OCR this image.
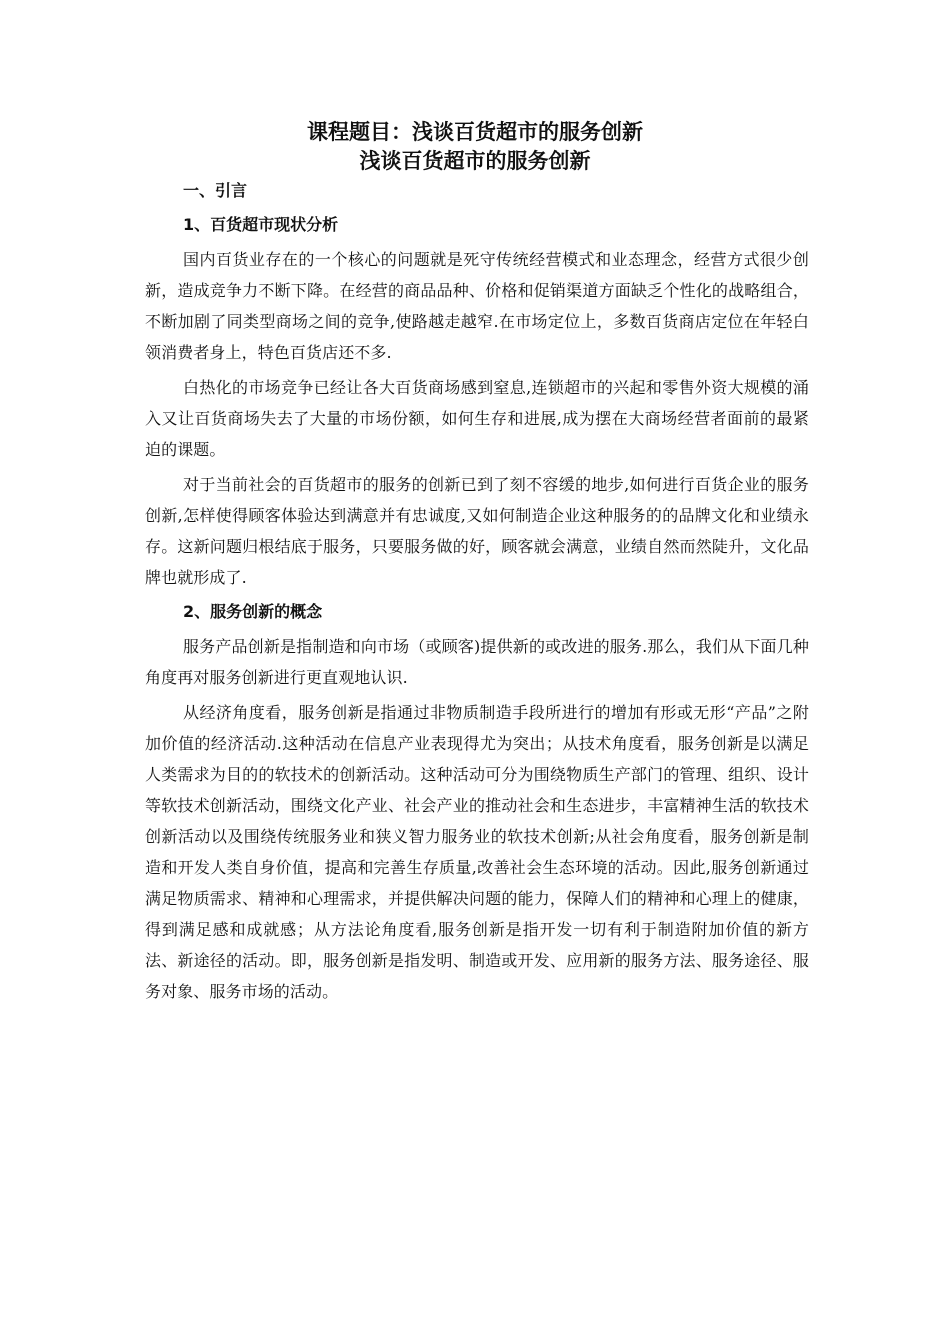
课程题目：浅谈百货超市的服务创新
浅谈百货超市的服务创新
一、引言
1、百货超市现状分析

国内百货业存在的一个核心的问题就是死守传统经营模式和业态理念，经营方式很少创新，造成竞争力不断下降。在经营的商品品种、价格和促销渠道方面缺乏个性化的战略组合，不断加剧了同类型商场之间的竞争,使路越走越窄.在市场定位上，多数百货商店定位在年轻白领消费者身上，特色百货店还不多.

白热化的市场竞争已经让各大百货商场感到窒息,连锁超市的兴起和零售外资大规模的涌入又让百货商场失去了大量的市场份额，如何生存和进展,成为摆在大商场经营者面前的最紧迫的课题。

对于当前社会的百货超市的服务的创新已到了刻不容缓的地步,如何进行百货企业的服务创新,怎样使得顾客体验达到满意并有忠诚度,又如何制造企业这种服务的的品牌文化和业绩永存。这新问题归根结底于服务，只要服务做的好，顾客就会满意，业绩自然而然陡升，文化品牌也就形成了.

2、服务创新的概念

服务产品创新是指制造和向市场（或顾客)提供新的或改进的服务.那么，我们从下面几种角度再对服务创新进行更直观地认识.

从经济角度看，服务创新是指通过非物质制造手段所进行的增加有形或无形“产品”之附加价值的经济活动.这种活动在信息产业表现得尤为突出；从技术角度看，服务创新是以满足人类需求为目的的软技术的创新活动。这种活动可分为围绕物质生产部门的管理、组织、设计等软技术创新活动，围绕文化产业、社会产业的推动社会和生态进步，丰富精神生活的软技术创新活动以及围绕传统服务业和狭义智力服务业的软技术创新;从社会角度看，服务创新是制造和开发人类自身价值，提高和完善生存质量,改善社会生态环境的活动。因此,服务创新通过满足物质需求、精神和心理需求，并提供解决问题的能力，保障人们的精神和心理上的健康，得到满足感和成就感；从方法论角度看,服务创新是指开发一切有利于制造附加价值的新方法、新途径的活动。即，服务创新是指发明、制造或开发、应用新的服务方法、服务途径、服务对象、服务市场的活动。
